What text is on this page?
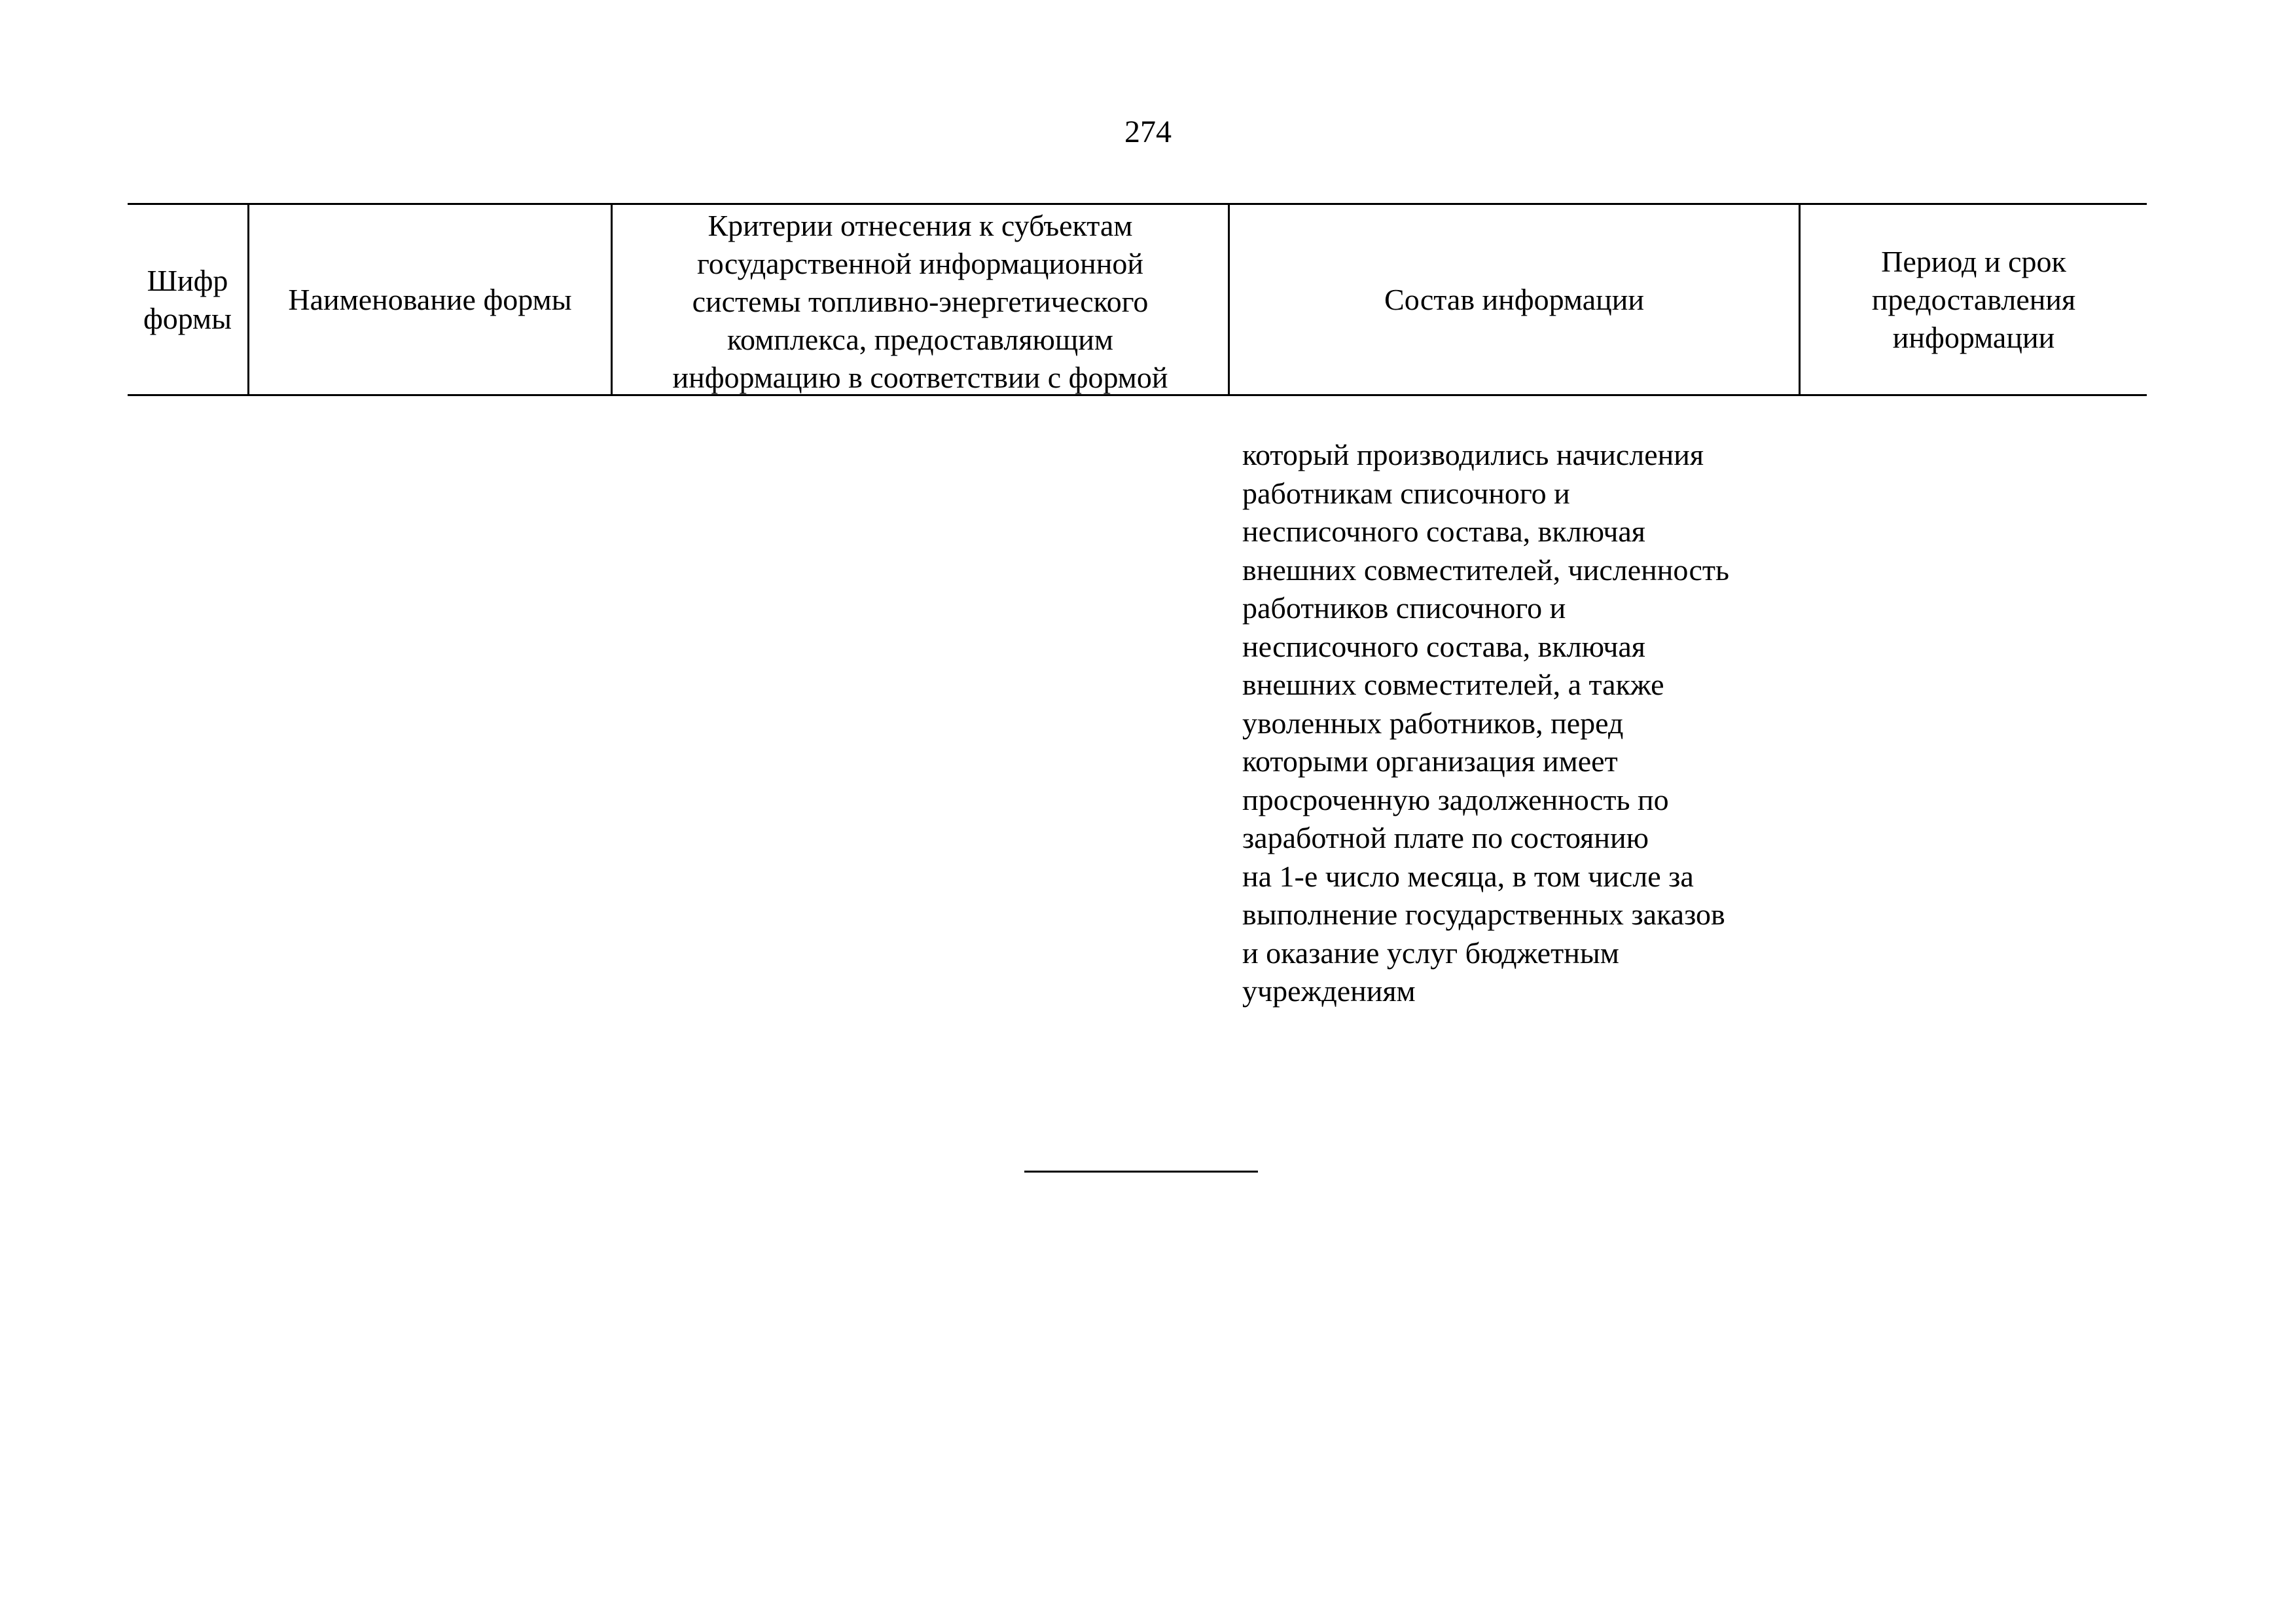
274
Шифр
формы
Наименование формы
Критерии отнесения к субъектам
государственной информационной
системы топливно-энергетического
комплекса, предоставляющим
информацию в соответствии с формой
Состав информации
Период и срок
предоставления
информации
который производились начисления
работникам списочного и
несписочного состава, включая
внешних совместителей, численность
работников списочного и
несписочного состава, включая
внешних совместителей, а также
уволенных работников, перед
которыми организация имеет
просроченную задолженность по
заработной плате по состоянию
на 1-е число месяца, в том числе за
выполнение государственных заказов
и оказание услуг бюджетным
учреждениям
